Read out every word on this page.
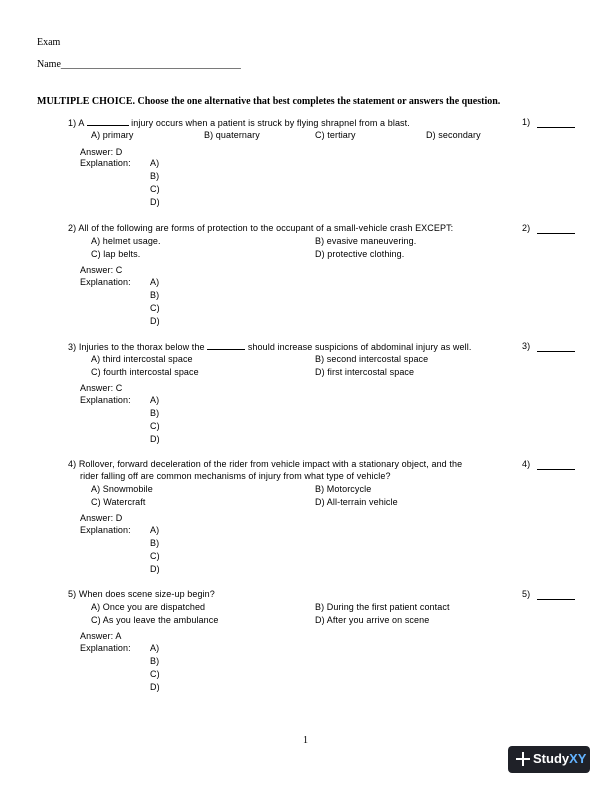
Exam
Name____________________________________
MULTIPLE CHOICE. Choose the one alternative that best completes the statement or answers the question.
1) A	injury occurs when a patient is struck by flying shrapnel from a blast.
A) primary	B) quaternary	C) tertiary	D) secondary
Answer: D
Explanation: A)
B)
C)
D)
1)
2) All of the following are forms of protection to the occupant of a small-vehicle crash EXCEPT:
A) helmet usage.	B) evasive maneuvering.
C) lap belts.	D) protective clothing.
Answer: C
Explanation: A)
B)
C)
D)
2)
3) Injuries to the thorax below the	should increase suspicions of abdominal injury as well.
A) third intercostal space	B) second intercostal space
C) fourth intercostal space	D) first intercostal space
Answer: C
Explanation: A)
B)
C)
D)
3)
4) Rollover, forward deceleration of the rider from vehicle impact with a stationary object, and the
rider falling off are common mechanisms of injury from what type of vehicle?
A) Snowmobile	B) Motorcycle
C) Watercraft	D) All-terrain vehicle
Answer: D
Explanation: A)
B)
C)
D)
4)
5) When does scene size-up begin?
A) Once you are dispatched	B) During the first patient contact
C) As you leave the ambulance	D) After you arrive on scene
Answer: A
Explanation: A)
B)
C)
D)
5)
1
StudyXY
